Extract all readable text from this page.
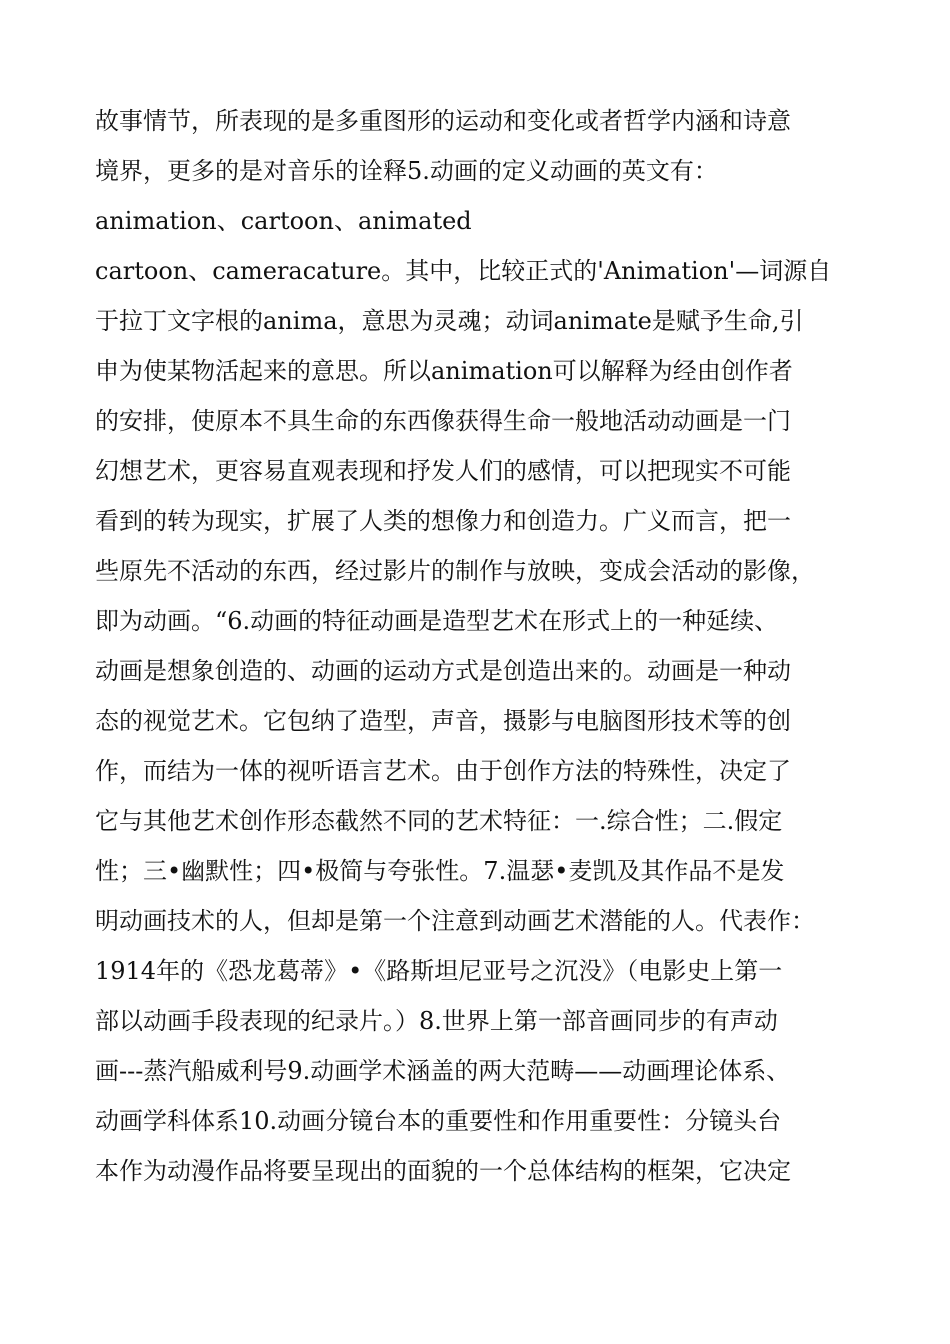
故事情节，所表现的是多重图形的运动和变化或者哲学内涵和诗意
境界，更多的是对音乐的诠释5.动画的定义动画的英文有：
animation、cartoon、animated
cartoon、cameracature。其中，比较正式的'Animation'—词源自
于拉丁文字根的anima，意思为灵魂；动词animate是赋予生命,引
申为使某物活起来的意思。所以animation可以解释为经由创作者
的安排，使原本不具生命的东西像获得生命一般地活动动画是一门
幻想艺术，更容易直观表现和抒发人们的感情，可以把现实不可能
看到的转为现实，扩展了人类的想像力和创造力。广义而言，把一
些原先不活动的东西，经过影片的制作与放映，变成会活动的影像，
即为动画。“6.动画的特征动画是造型艺术在形式上的一种延续、
动画是想象创造的、动画的运动方式是创造出来的。动画是一种动
态的视觉艺术。它包纳了造型，声音，摄影与电脑图形技术等的创
作，而结为一体的视听语言艺术。由于创作方法的特殊性，决定了
它与其他艺术创作形态截然不同的艺术特征：一.综合性；二.假定
性；三•幽默性；四•极简与夸张性。7.温瑟•麦凯及其作品不是发
明动画技术的人，但却是第一个注意到动画艺术潜能的人。代表作：
1914年的《恐龙葛蒂》•《路斯坦尼亚号之沉没》（电影史上第一
部以动画手段表现的纪录片。）8.世界上第一部音画同步的有声动
画---蒸汽船威利号9.动画学术涵盖的两大范畴——动画理论体系、
动画学科体系10.动画分镜台本的重要性和作用重要性：分镜头台
本作为动漫作品将要呈现出的面貌的一个总体结构的框架，它决定
